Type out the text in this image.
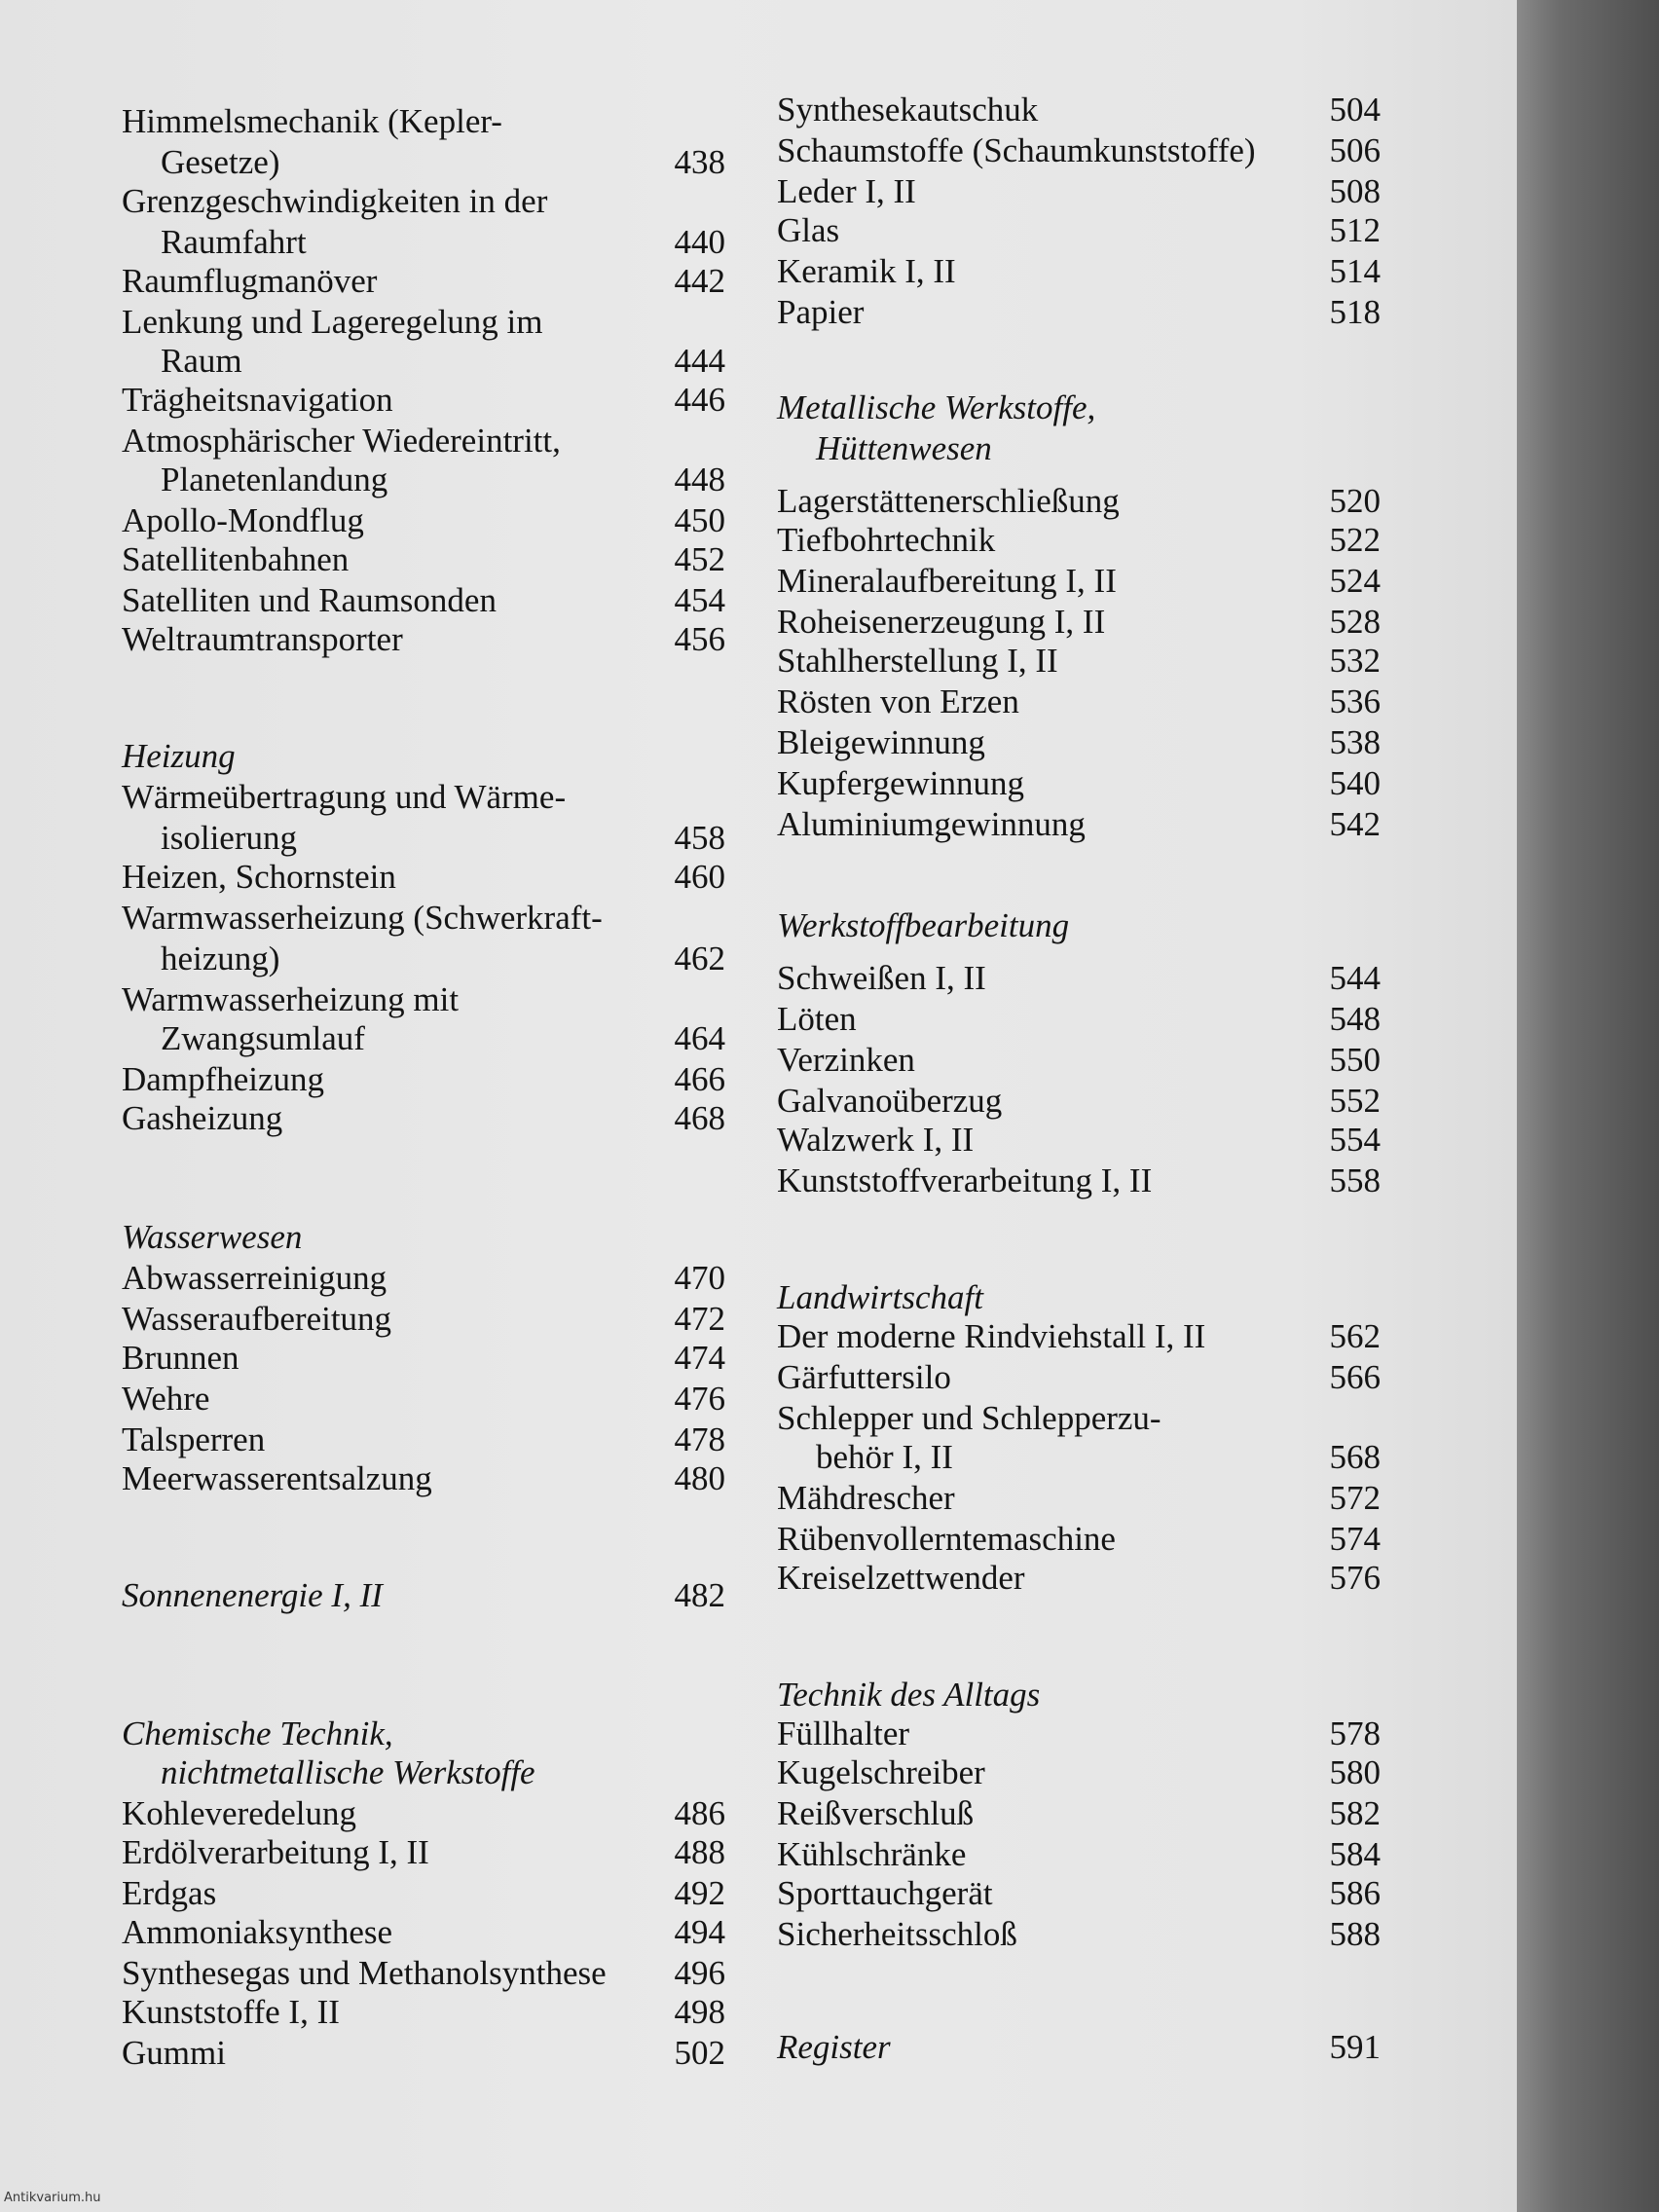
Himmelsmechanik (Kepler-
Gesetze)	438
Grenzgeschwindigkeiten in der
Raumfahrt	440
Raumflugmanöver	442
Lenkung und Lageregelung im
Raum	444
Trägheitsnavigation	446
Atmosphärischer Wiedereintritt,
Planetenlandung	448
Apollo-Mondflug	450
Satellitenbahnen	452
Satelliten und Raumsonden	454
Weltraumtransporter	456
Heizung
Wärmeübertragung und Wärme-
isolierung	458
Heizen, Schornstein	460
Warmwasserheizung (Schwerkraft-
heizung)	462
Warmwasserheizung mit
Zwangsumlauf	464
Dampfheizung	466
Gasheizung	468
Wasserwesen
Abwasserreinigung	470
Wasseraufbereitung	472
Brunnen	474
Wehre	476
Talsperren	478
Meerwasserentsalzung	480
Sonnenenergie I, II	482
Chemische Technik,
nichtmetallische Werkstoffe
Kohleveredelung	486
Erdölverarbeitung I, II	488
Erdgas	492
Ammoniaksynthese	494
Synthesegas und Methanolsynthese	496
Kunststoffe I, II	498
Gummi	502
Synthesekautschuk	504
Schaumstoffe (Schaumkunststoffe)	506
Leder I, II	508
Glas	512
Keramik I, II	514
Papier	518
Metallische Werkstoffe,
Hüttenwesen
Lagerstättenerschließung	520
Tiefbohrtechnik	522
Mineralaufbereitung I, II	524
Roheisenerzeugung I, II	528
Stahlherstellung I, II	532
Rösten von Erzen	536
Bleigewinnung	538
Kupfergewinnung	540
Aluminiumgewinnung	542
Werkstoffbearbeitung
Schweißen I, II	544
Löten	548
Verzinken	550
Galvanoüberzug	552
Walzwerk I, II	554
Kunststoffverarbeitung I, II	558
Landwirtschaft
Der moderne Rindviehstall I, II	562
Gärfuttersilo	566
Schlepper und Schlepperzu-
behör I, II	568
Mähdrescher	572
Rübenvollerntemaschine	574
Kreiselzettwender	576
Technik des Alltags
Füllhalter	578
Kugelschreiber	580
Reißverschluß	582
Kühlschränke	584
Sporttauchgerät	586
Sicherheitsschloß	588
Register	591
Antikvarium.hu
